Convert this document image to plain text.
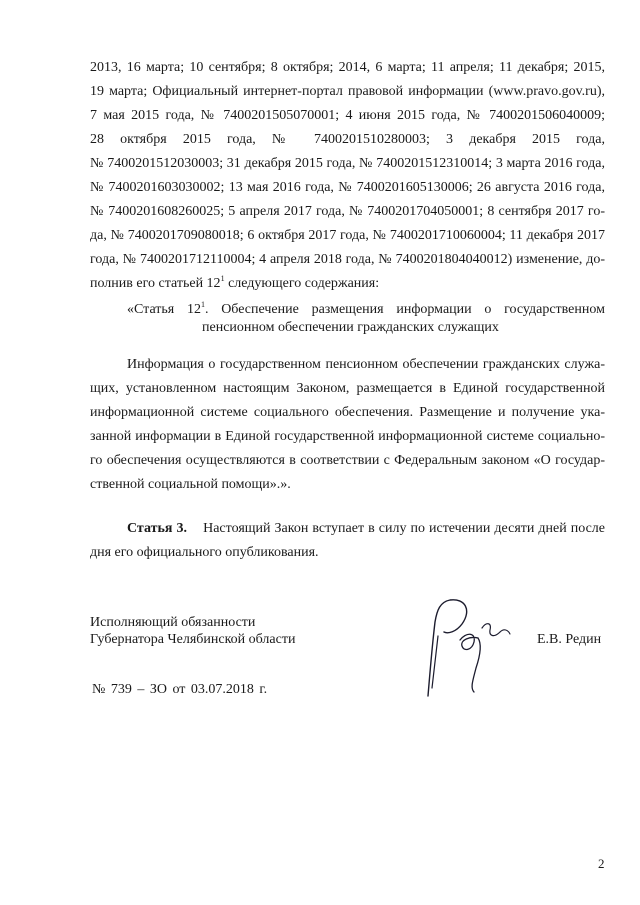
2013, 16 марта; 10 сентября; 8 октября; 2014, 6 марта; 11 апреля; 11 декабря; 2015,
19 марта; Официальный интернет-портал правовой информации (www.pravo.gov.ru),
7 мая 2015 года, № 7400201505070001; 4 июня 2015 года, № 7400201506040009;
28 октября 2015 года, № 7400201510280003; 3 декабря 2015 года,
№ 7400201512030003; 31 декабря 2015 года, № 7400201512310014; 3 марта 2016 года,
№ 7400201603030002; 13 мая 2016 года, № 7400201605130006; 26 августа 2016 года,
№ 7400201608260025; 5 апреля 2017 года, № 7400201704050001; 8 сентября 2017 го-
да, № 7400201709080018; 6 октября 2017 года, № 7400201710060004; 11 декабря 2017
года, № 7400201712110004; 4 апреля 2018 года, № 7400201804040012) изменение, до-
полнив его статьей $12^1$ следующего содержания:
«Статья $12^1$. Обеспечение размещения информации о государственном
пенсионном обеспечении гражданских служащих
Информация о государственном пенсионном обеспечении гражданских служа-
щих, установленном настоящим Законом, размещается в Единой государственной
информационной системе социального обеспечения. Размещение и получение ука-
занной информации в Единой государственной информационной системе социально-
го обеспечения осуществляются в соответствии с Федеральным законом «О государ-
ственной социальной помощи».».
Статья 3. Настоящий Закон вступает в силу по истечении десяти дней после
дня его официального опубликования.
Исполняющий обязанности
Губернатора Челябинской области	Е.В. Редин
№ 739 – ЗО от 03.07.2018 г.
2
